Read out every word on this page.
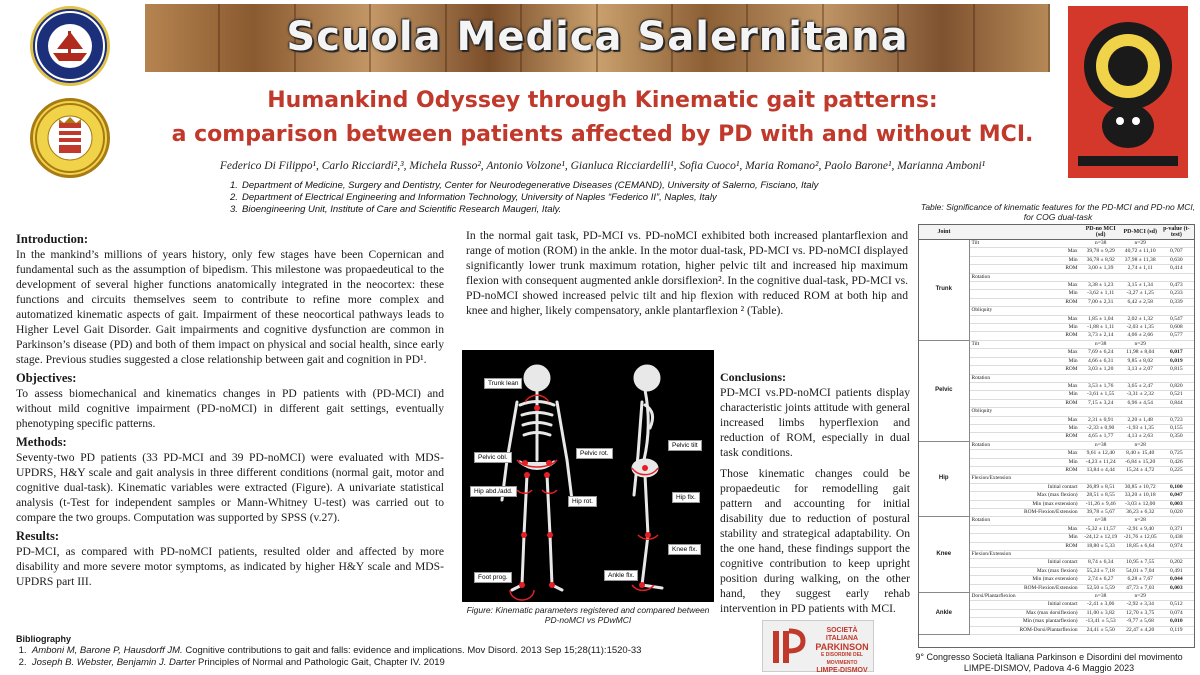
Scuola Medica Salernitana
Humankind Odyssey through Kinematic gait patterns:
a comparison between patients affected by PD with and without MCI.
Federico Di Filippo¹, Carlo Ricciardi²,³, Michela Russo², Antonio Volzone¹, Gianluca Ricciardelli¹, Sofia Cuoco¹, Maria Romano², Paolo Barone¹, Marianna Amboni¹
1. Department of Medicine, Surgery and Dentistry, Center for Neurodegenerative Diseases (CEMAND), University of Salerno, Fisciano, Italy
2. Department of Electrical Engineering and Information Technology, University of Naples “Federico II”, Naples, Italy
3. Bioengineering Unit, Institute of Care and Scientific Research Maugeri, Italy.
Introduction:

In the mankind’s millions of years history, only few stages have been Copernican and fundamental such as the assumption of bipedism. This milestone was propaedeutical to the development of several higher functions anatomically integrated in the neocortex: these functions and circuits themselves seem to contribute to refine more complex and automatized kinematic aspects of gait. Impairment of these neocortical pathways leads to Higher Level Gait Disorder. Gait impairments and cognitive dysfunction are common in Parkinson’s disease (PD) and both of them impact on physical and social health, since early stage. Previous studies suggested a close relationship between gait and cognition in PD¹.

Objectives:

To assess biomechanical and kinematics changes in PD patients with (PD-MCI) and without mild cognitive impairment (PD-noMCI) in different gait settings, eventually phenotyping specific patterns.

Methods:

Seventy-two PD patients (33 PD-MCI and 39 PD-noMCI) were evaluated with MDS-UPDRS, H&Y scale and gait analysis in three different conditions (normal gait, motor and cognitive dual-task). Kinematic variables were extracted (Figure). A univariate statistical analysis (t-Test for independent samples or Mann-Whitney U-test) was carried out to compare the two groups. Computation was supported by SPSS (v.27).

Results:

PD-MCI, as compared with PD-noMCI patients, resulted older and affected by more disability and more severe motor symptoms, as indicated by higher H&Y scale and MDS-UPDRS part III.

In the normal gait task, PD-MCI vs. PD-noMCI exhibited both increased plantarflexion and range of motion (ROM) in the ankle. In the motor dual-task, PD-MCI vs. PD-noMCI displayed significantly lower trunk maximum rotation, higher pelvic tilt and increased hip maximum flexion with consequent augmented ankle dorsiflexion². In the cognitive dual-task, PD-MCI vs. PD-noMCI showed increased pelvic tilt and hip flexion with reduced ROM at both hip and knee and higher, likely compensatory, ankle plantarflexion ² (Table).
Trunk lean
Pelvic obl.
Pelvic rot.
Hip abd./add.
Hip rot.
Foot prog.
Pelvic tilt
Hip flx.
Knee flx.
Ankle flx.
Figure: Kinematic parameters registered and compared between PD-noMCI vs PDwMCI
Conclusions:

PD-MCI vs.PD-noMCI patients display characteristic joints attitude with general increased limbs hyperflexion and reduction of ROM, especially in dual task conditions.

Those kinematic changes could be propaedeutic for remodelling gait pattern and accounting for initial disability due to reduction of postural stability and strategical adaptability. On the one hand, these findings support the cognitive contribution to keep upright position during walking, on the other hand, they suggest early rehab intervention in PD patients with MCI.

Table: Significance of kinematic features for the PD-MCI and PD-no MCI, for COG dual-task
Joint			PD-no MCI (sd)	PD-MCI (sd)	p-value (t-test)
Trunk	Tilt		n=38	n=29	
		Max	39,78 ± 9,29	40,72 ± 11,10	0,707
		Min	36,78 ± 8,92	37,98 ± 11,38	0,630
		ROM	3,00 ± 1,39	2,74 ± 1,11	0,414
	Rotation				
		Max	3,38 ± 1,23	3,15 ± 1,34	0,473
		Min	-3,62 ± 1,11	-3,27 ± 1,25	0,233
		ROM	7,00 ± 2,31	6,42 ± 2,58	0,339
	Obliquity				
		Max	1,85 ± 1,04	2,02 ± 1,32	0,547
		Min	-1,88 ± 1,11	-2,03 ± 1,35	0,608
		ROM	3,73 ± 2,14	4,06 ± 2,66	0,577
Pelvic	Tilt		n=38	n=29	
		Max	7,69 ± 6,24	11,98 ± 8,04	0,017
		Min	4,66 ± 6,31	9,85 ± 8,02	0,019
		ROM	3,03 ± 1,20	3,13 ± 2,07	0,815
	Rotation				
		Max	3,53 ± 1,76	3,65 ± 2,47	0,820
		Min	-3,61 ± 1,55	-3,31 ± 2,32	0,521
		ROM	7,15 ± 3,24	6,96 ± 4,54	0,844
	Obliquity				
		Max	2,31 ± 0,91	2,20 ± 1,48	0,723
		Min	-2,33 ± 0,90	-1,93 ± 1,35	0,155
		ROM	4,65 ± 1,77	4,13 ± 2,63	0,350
Hip	Rotation		n=38	n=28	
		Max	9,61 ± 12,40	8,40 ± 15,40	0,725
		Min	-4,23 ± 11,24	-6,84 ± 15,20	0,426
		ROM	13,84 ± 4,44	15,24 ± 4,72	0,225
	Flexion/Extension				
		Initial contact	26,89 ± 8,51	30,85 ± 10,72	0,100
		Max (max flexion)	28,51 ± 8,55	33,20 ± 10,18	0,047
		Min (max extension)	-11,26 ± 9,46	-3,03 ± 12,00	0,003
		ROM-Flexion/Extension	39,78 ± 5,67	36,23 ± 6,32	0,020
Knee	Rotation		n=38	n=28	
		Max	-5,32 ± 11,57	-2,91 ± 9,40	0,371
		Min	-24,12 ± 12,19	-21,76 ± 12,05	0,438
		ROM	18,80 ± 5,33	18,85 ± 6,64	0,974
	Flexion/Extension				
		Initial contact	8,74 ± 6,34	10,95 ± 7,55	0,202
		Max (max flexion)	55,24 ± 7,18	54,01 ± 7,04	0,491
		Min (max extension)	2,74 ± 6,27	6,28 ± 7,67	0,044
		ROM-Flexion/Extension	52,50 ± 5,59	47,73 ± 7,03	0,003
Ankle	Dorsi/Plantarflexion		n=38	n=29	
		Initial contact	-2,41 ± 3,06	-2,92 ± 3,34	0,512
		Max (max dorsiflexion)	11,00 ± 3,82	12,70 ± 3,75	0,074
		Min (max plantarflexion)	-13,41 ± 5,53	-9,77 ± 5,68	0,010
		ROM-Dorsi/Plantarflexion	24,41 ± 5,50	22,47 ± 4,20	0,119
Bibliography
1. Amboni M, Barone P, Hausdorff JM. Cognitive contributions to gait and falls: evidence and implications. Mov Disord. 2013 Sep 15;28(11):1520-33
2. Joseph B. Webster, Benjamin J. Darter Principles of Normal and Pathologic Gait, Chapter IV. 2019
SOCIETÀ ITALIANA
PARKINSON
E DISORDINI DEL MOVIMENTO
LIMPE-DISMOV
9° Congresso Società Italiana Parkinson e Disordini del movimento
LIMPE-DISMOV, Padova 4-6 Maggio 2023
